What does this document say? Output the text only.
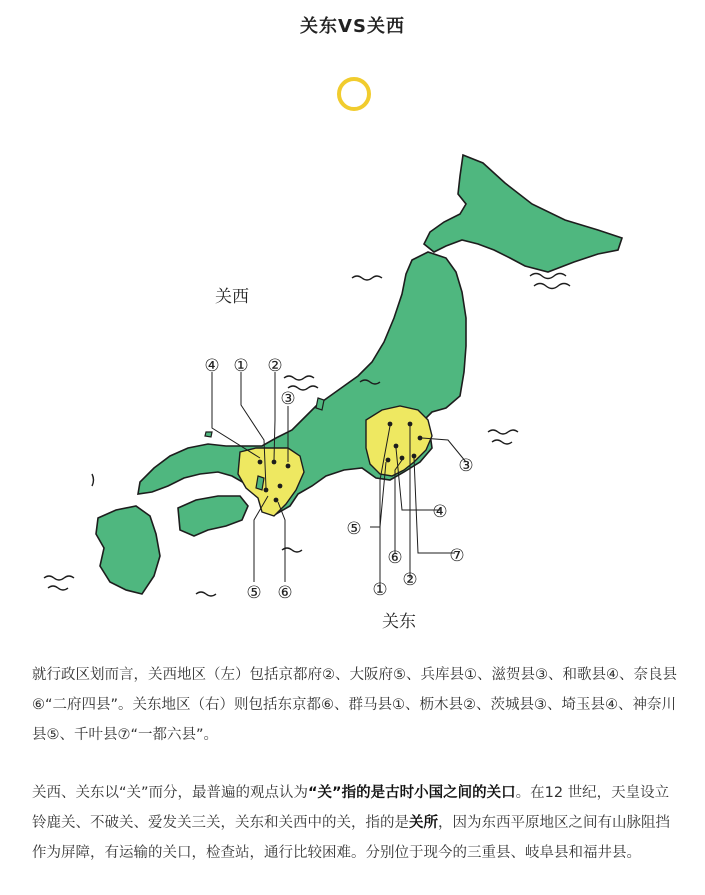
关东VS关西
关西
关东
④ ① ②
③
⑤ ⑥
③
④
⑤
⑥	⑦
① ②
就行政区划而言，关西地区（左）包括京都府②、大阪府⑤、兵库县①、滋贺县③、和歌县④、奈良县⑥“二府四县”。关东地区（右）则包括东京都⑥、群马县①、枥木县②、茨城县③、埼玉县④、神奈川县⑤、千叶县⑦“一都六县”。
关西、关东以“关”而分，最普遍的观点认为“关”指的是古时小国之间的关口。在12 世纪，天皇设立铃鹿关、不破关、爱发关三关，关东和关西中的关，指的是关所，因为东西平原地区之间有山脉阻挡作为屏障，有运输的关口，检查站，通行比较困难。分别位于现今的三重县、岐阜县和福井县。
